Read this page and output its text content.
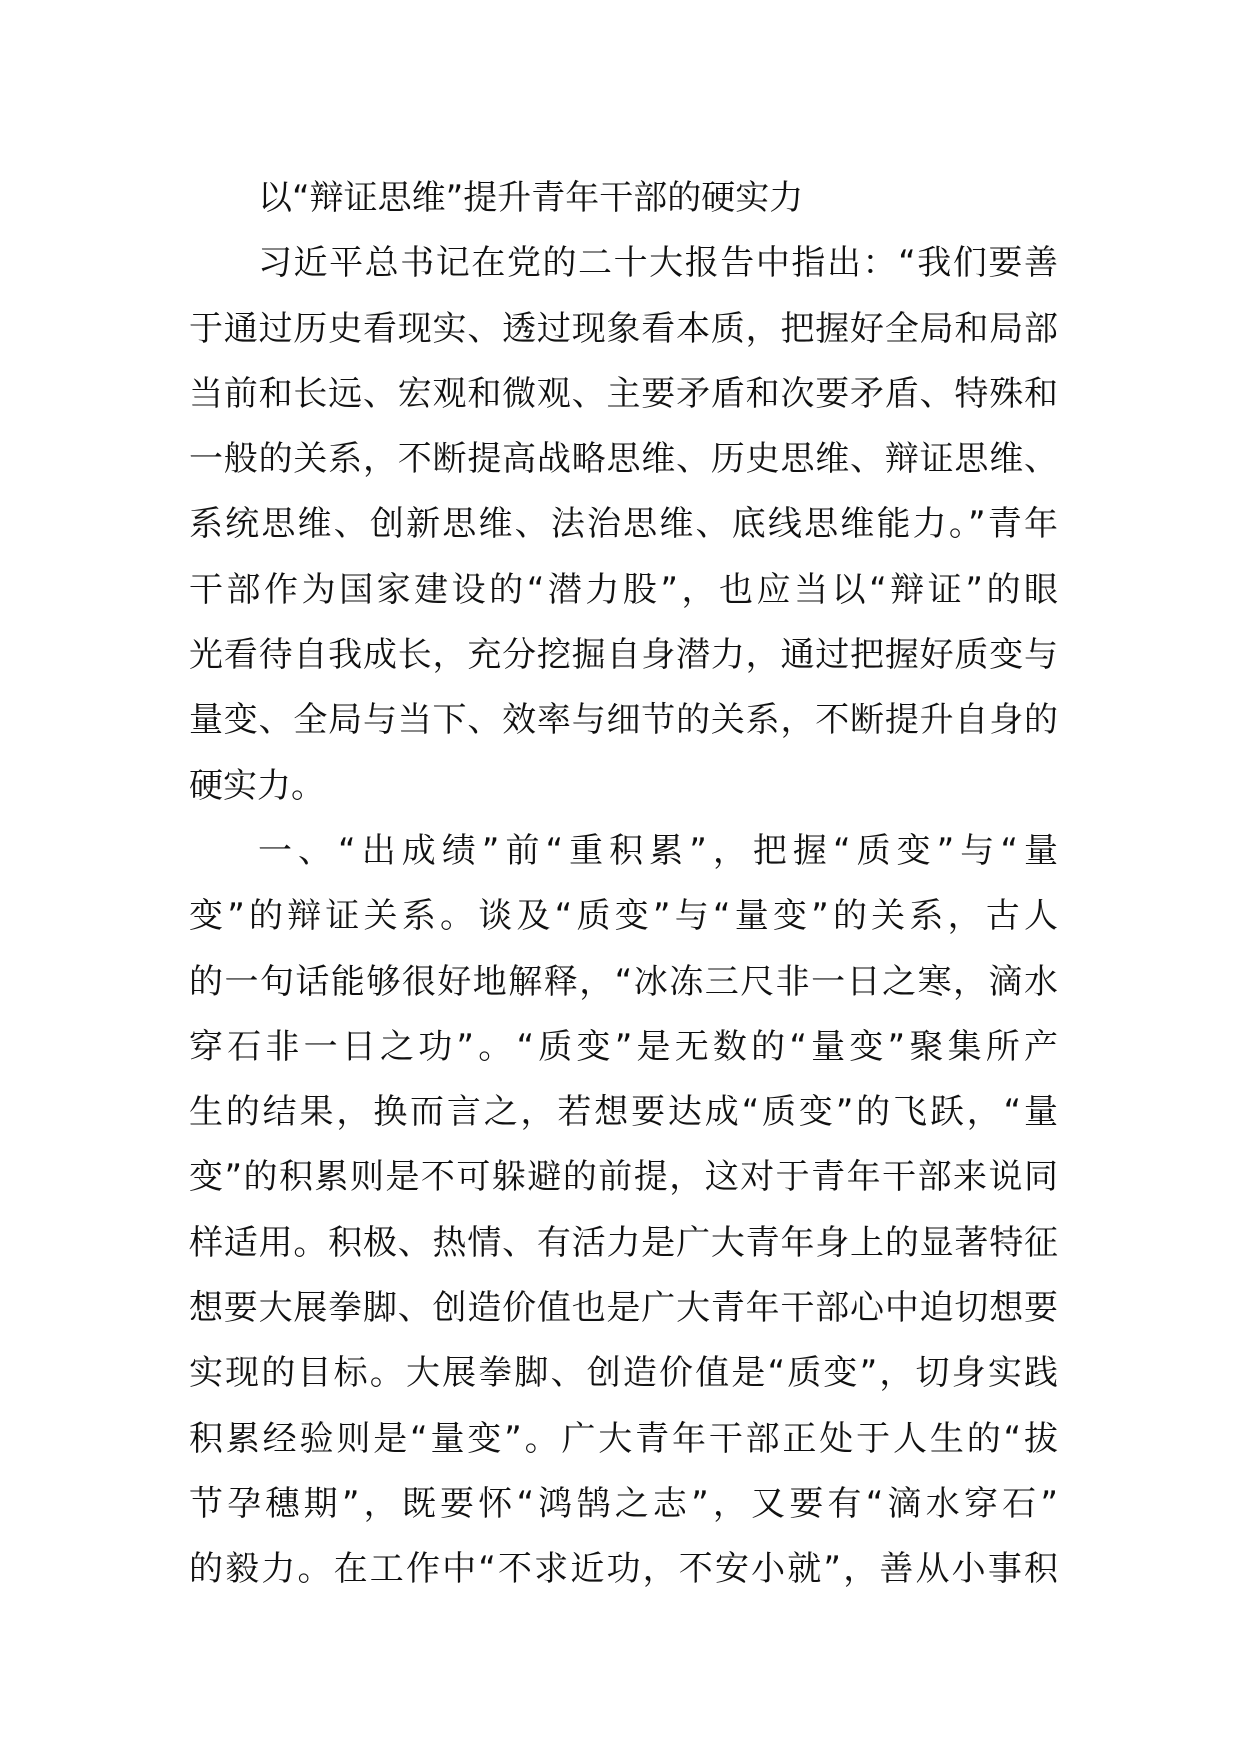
以“辩证思维”提升青年干部的硬实力
习近平总书记在党的二十大报告中指出：“我们要善
于通过历史看现实、透过现象看本质，把握好全局和局部
当前和长远、宏观和微观、主要矛盾和次要矛盾、特殊和
一般的关系，不断提高战略思维、历史思维、辩证思维、
系统思维、创新思维、法治思维、底线思维能力。”青年
干部作为国家建设的“潜力股”，也应当以“辩证”的眼
光看待自我成长，充分挖掘自身潜力，通过把握好质变与
量变、全局与当下、效率与细节的关系，不断提升自身的
硬实力。
一、“出成绩”前“重积累”，把握“质变”与“量
变”的辩证关系。谈及“质变”与“量变”的关系，古人
的一句话能够很好地解释，“冰冻三尺非一日之寒，滴水
穿石非一日之功”。“质变”是无数的“量变”聚集所产
生的结果，换而言之，若想要达成“质变”的飞跃，“量
变”的积累则是不可躲避的前提，这对于青年干部来说同
样适用。积极、热情、有活力是广大青年身上的显著特征
想要大展拳脚、创造价值也是广大青年干部心中迫切想要
实现的目标。大展拳脚、创造价值是“质变”，切身实践
积累经验则是“量变”。广大青年干部正处于人生的“拔
节孕穗期”，既要怀“鸿鹄之志”，又要有“滴水穿石”
的毅力。在工作中“不求近功，不安小就”，善从小事积
